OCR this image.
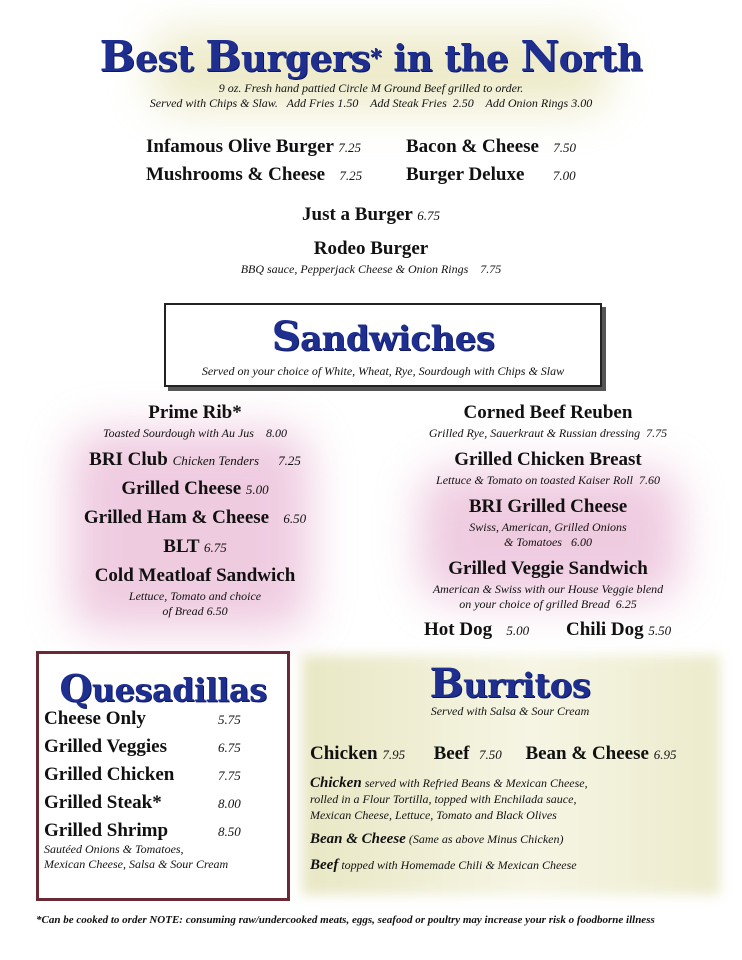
Best Burgers* in the North
9 oz. Fresh hand pattied Circle M Ground Beef grilled to order.
Served with Chips & Slaw.   Add Fries 1.50    Add Steak Fries  2.50    Add Onion Rings 3.00
Infamous Olive Burger 7.25 Bacon & Cheese 7.50
Mushrooms & Cheese 7.25 Burger Deluxe 7.00
Just a Burger 6.75
Rodeo Burger
BBQ sauce, Pepperjack Cheese & Onion Rings 7.75
Sandwiches
Served on your choice of White, Wheat, Rye, Sourdough with Chips & Slaw
Prime Rib*
Toasted Sourdough with Au Jus 8.00
BRI Club Chicken Tenders 7.25
Grilled Cheese 5.00
Grilled Ham & Cheese 6.50
BLT 6.75
Cold Meatloaf Sandwich
Lettuce, Tomato and choice
of Bread 6.50
Corned Beef Reuben
Grilled Rye, Sauerkraut & Russian dressing 7.75
Grilled Chicken Breast
Lettuce & Tomato on toasted Kaiser Roll 7.60
BRI Grilled Cheese
Swiss, American, Grilled Onions
& Tomatoes 6.00
Grilled Veggie Sandwich
American & Swiss with our House Veggie blend
on your choice of grilled Bread 6.25
Hot Dog 5.00 Chili Dog 5.50
Quesadillas
Cheese Only	5.75
Grilled Veggies	6.75
Grilled Chicken	7.75
Grilled Steak*	8.00
Grilled Shrimp	8.50
Sautéed Onions & Tomatoes,
Mexican Cheese, Salsa & Sour Cream
Burritos
Served with Salsa & Sour Cream
Chicken 7.95 Beef 7.50 Bean & Cheese 6.95
Chicken served with Refried Beans & Mexican Cheese,
rolled in a Flour Tortilla, topped with Enchilada sauce,
Mexican Cheese, Lettuce, Tomato and Black Olives
Bean & Cheese (Same as above Minus Chicken)
Beef topped with Homemade Chili & Mexican Cheese
*Can be cooked to order NOTE: consuming raw/undercooked meats, eggs, seafood or poultry may increase your risk o foodborne illness
